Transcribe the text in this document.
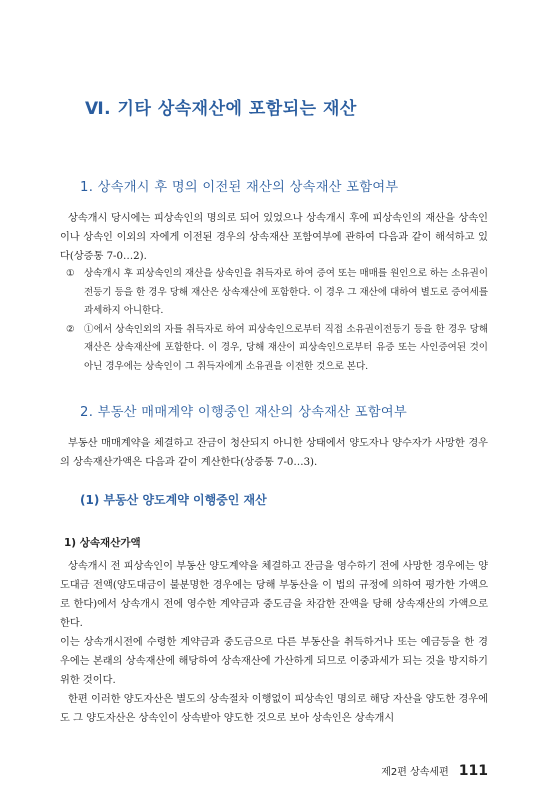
Ⅵ. 기타 상속재산에 포함되는 재산
1. 상속개시 후 명의 이전된 재산의 상속재산 포함여부

상속개시 당시에는 피상속인의 명의로 되어 있었으나 상속개시 후에 피상속인의 재산을 상속인이나 상속인 이외의 자에게 이전된 경우의 상속재산 포함여부에 관하여 다음과 같이 해석하고 있다(상증통 7-0…2).

① 상속개시 후 피상속인의 재산을 상속인을 취득자로 하여 증여 또는 매매를 원인으로 하는 소유권이전등기 등을 한 경우 당해 재산은 상속재산에 포함한다. 이 경우 그 재산에 대하여 별도로 증여세를 과세하지 아니한다.
② ①에서 상속인외의 자를 취득자로 하여 피상속인으로부터 직접 소유권이전등기 등을 한 경우 당해 재산은 상속재산에 포함한다. 이 경우, 당해 재산이 피상속인으로부터 유증 또는 사인증여된 것이 아닌 경우에는 상속인이 그 취득자에게 소유권을 이전한 것으로 본다.
2. 부동산 매매계약 이행중인 재산의 상속재산 포함여부

부동산 매매계약을 체결하고 잔금이 청산되지 아니한 상태에서 양도자나 양수자가 사망한 경우의 상속재산가액은 다음과 같이 계산한다(상증통 7-0…3).

(1) 부동산 양도계약 이행중인 재산
1) 상속재산가액

상속개시 전 피상속인이 부동산 양도계약을 체결하고 잔금을 영수하기 전에 사망한 경우에는 양도대금 전액(양도대금이 불분명한 경우에는 당해 부동산을 이 법의 규정에 의하여 평가한 가액으로 한다)에서 상속개시 전에 영수한 계약금과 중도금을 차감한 잔액을 당해 상속재산의 가액으로 한다.

이는 상속개시전에 수령한 계약금과 중도금으로 다른 부동산을 취득하거나 또는 예금등을 한 경우에는 본래의 상속재산에 해당하여 상속재산에 가산하게 되므로 이중과세가 되는 것을 방지하기 위한 것이다.

한편 이러한 양도자산은 별도의 상속절차 이행없이 피상속인 명의로 해당 자산을 양도한 경우에도 그 양도자산은 상속인이 상속받아 양도한 것으로 보아 상속인은 상속개시

제2편 상속세편 111
